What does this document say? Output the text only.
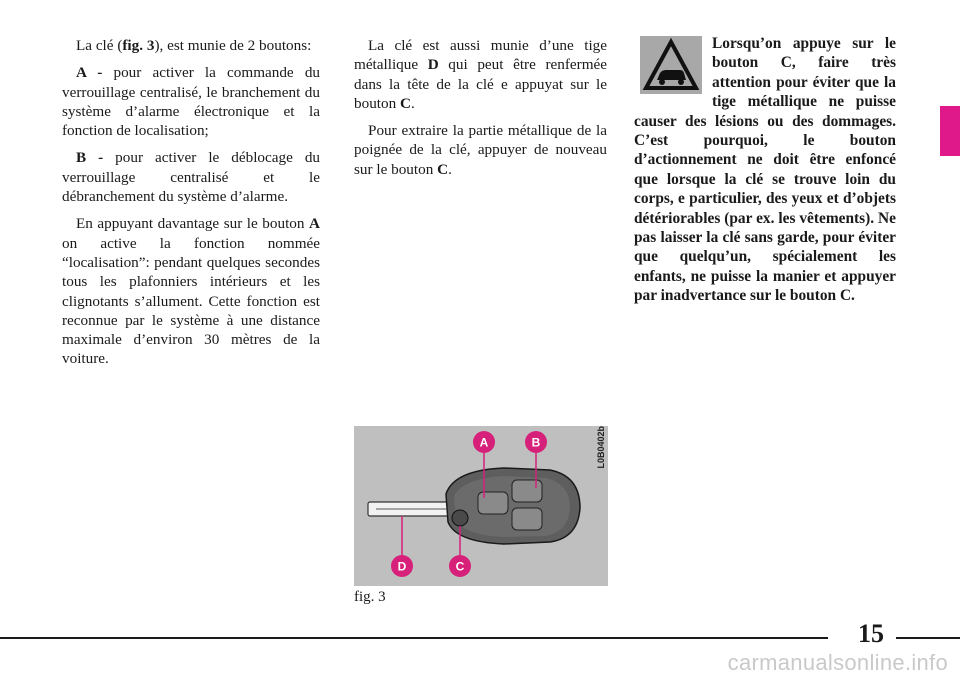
La clé (fig. 3), est munie de 2 boutons:

A - pour activer la commande du verrouillage centralisé, le branchement du système d’alarme électronique et la fonction de localisation;

B - pour activer le déblocage du verrouillage centralisé et le débranchement du système d’alarme.

En appuyant davantage sur le bouton A on active la fonction nommée “localisation”: pendant quelques secondes tous les plafonniers intérieurs et les clignotants s’allument. Cette fonction est reconnue par le système à une distance maximale d’environ 30 mètres de la voiture.

La clé est aussi munie d’une tige métallique D qui peut être renfermée dans la tête de la clé e appuyat sur le bouton C.

Pour extraire la partie métallique de la poignée de la clé, appuyer de nouveau sur le bouton C.

Lorsqu’on appuye sur le bouton C, faire très attention pour éviter que la tige métallique ne puisse causer des lésions ou des dommages. C’est pourquoi, le bouton d’actionnement ne doit être enfoncé que lorsque la clé se trouve loin du corps, e particulier, des yeux et d’objets détériorables (par ex. les vêtements). Ne pas laisser la clé sans garde, pour éviter que quelqu’un, spécialement les enfants, ne puisse la manier et appuyer par inadvertance sur le bouton C.
A	B
C
D
L0B0402b
fig. 3
15
carmanualsonline.info
